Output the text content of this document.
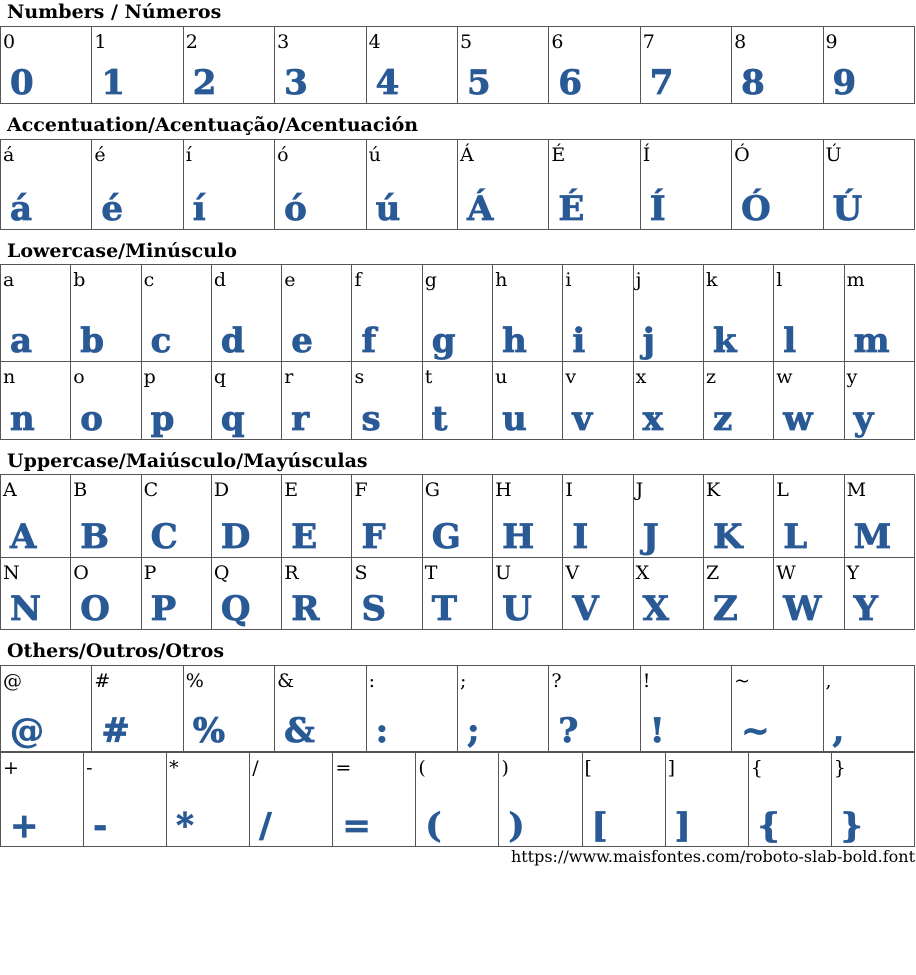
Numbers / Números
0
0
1
1
2
2
3
3
4
4
5
5
6
6
7
7
8
8
9
9
Accentuation/Acentuação/Acentuación
á
á
é
é
í
í
ó
ó
ú
ú
Á
Á
É
É
Í
Í
Ó
Ó
Ú
Ú
Lowercase/Minúsculo
a
a
b
b
c
c
d
d
e
e
f
f
g
g
h
h
i
i
j
j
k
k
l
l
m
m
n
n
o
o
p
p
q
q
r
r
s
s
t
t
u
u
v
v
x
x
z
z
w
w
y
y
Uppercase/Maiúsculo/Mayúsculas
A
A
B
B
C
C
D
D
E
E
F
F
G
G
H
H
I
I
J
J
K
K
L
L
M
M
N
N
O
O
P
P
Q
Q
R
R
S
S
T
T
U
U
V
V
X
X
Z
Z
W
W
Y
Y
Others/Outros/Otros
@
@
#
#
%
%
&
&
:
:
;
;
?
?
!
!
~
~
,
,
+
+
-
-
*
*
/
/
=
=
(
(
)
)
[
[
]
]
{
{
}
}
https://www.maisfontes.com/roboto-slab-bold.font
